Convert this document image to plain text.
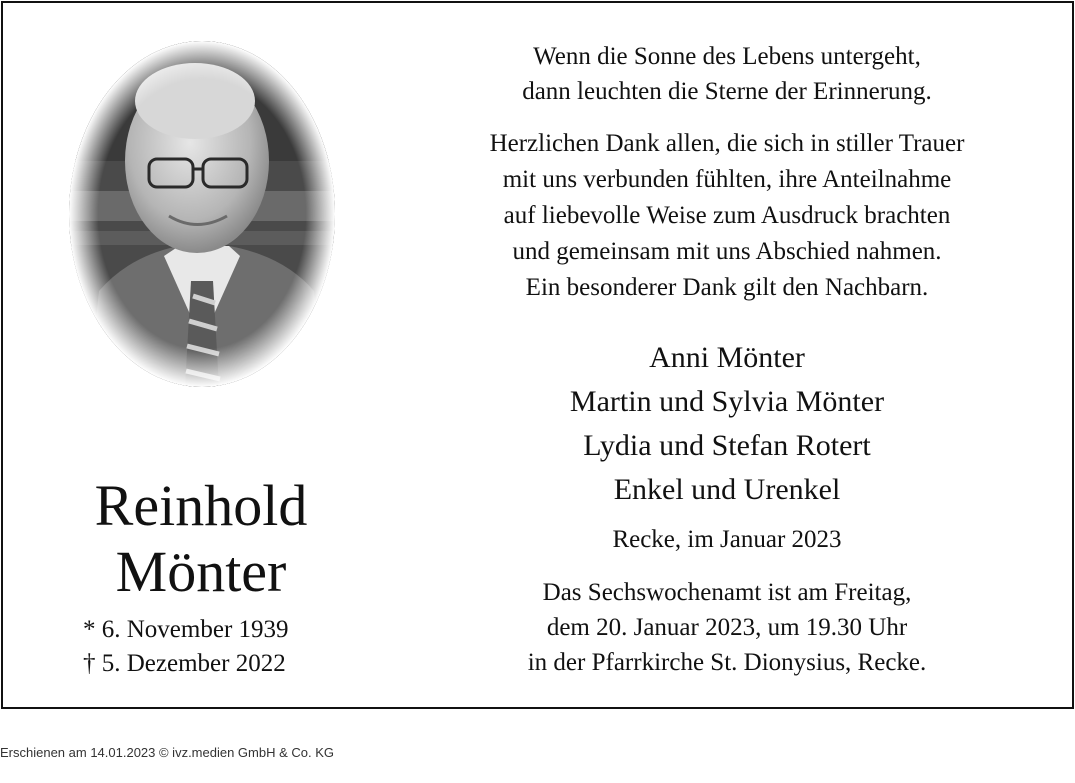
Reinhold
Mönter
* 6. November 1939
† 5. Dezember 2022
Wenn die Sonne des Lebens untergeht,
dann leuchten die Sterne der Erinnerung.
Herzlichen Dank allen, die sich in stiller Trauer
mit uns verbunden fühlten, ihre Anteilnahme
auf liebevolle Weise zum Ausdruck brachten
und gemeinsam mit uns Abschied nahmen.
Ein besonderer Dank gilt den Nachbarn.
Anni Mönter
Martin und Sylvia Mönter
Lydia und Stefan Rotert
Enkel und Urenkel
Recke, im Januar 2023
Das Sechswochenamt ist am Freitag,
dem 20. Januar 2023, um 19.30 Uhr
in der Pfarrkirche St. Dionysius, Recke.
Erschienen am 14.01.2023 © ivz.medien GmbH & Co. KG
